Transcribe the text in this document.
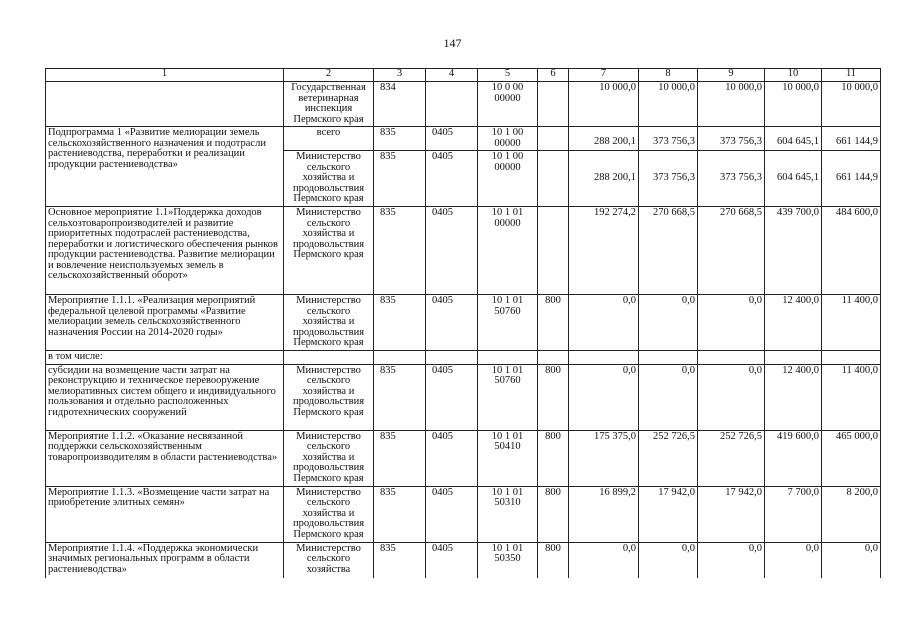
147
1	2	3	4	5	6	7	8	9	10	11
	Государственная ветеринарная инспекция Пермского края	834		10 0 00 00000		10 000,0	10 000,0	10 000,0	10 000,0	10 000,0
Подпрограмма 1 «Развитие мелиорации земель сельскохозяйственного назначения и подотрасли растениеводства, переработки и реализации продукции растениеводства»	всего	835	0405	10 1 00 00000		288 200,1	373 756,3	373 756,3	604 645,1	661 144,9
	Министерство сельского хозяйства и продовольствия Пермского края	835	0405	10 1 00 00000		288 200,1	373 756,3	373 756,3	604 645,1	661 144,9
Основное мероприятие 1.1»Поддержка доходов сельхозтоваропроизводителей и развитие приоритетных подотраслей растениеводства, переработки и логистического обеспечения рынков продукции растениеводства. Развитие мелиорации и вовлечение неиспользуемых земель в сельскохозяйственный оборот»	Министерство сельского хозяйства и продовольствия Пермского края	835	0405	10 1 01 00000		192 274,2	270 668,5	270 668,5	439 700,0	484 600,0
Мероприятие 1.1.1. «Реализация мероприятий федеральной целевой программы «Развитие мелиорации земель сельскохозяйственного назначения России на 2014-2020 годы»	Министерство сельского хозяйства и продовольствия Пермского края	835	0405	10 1 01 50760	800	0,0	0,0	0,0	12 400,0	11 400,0
в том числе:										
субсидии на возмещение части затрат на реконструкцию и техническое перевооружение мелиоративных систем общего и индивидуального пользования и отдельно расположенных гидротехнических сооружений	Министерство сельского хозяйства и продовольствия Пермского края	835	0405	10 1 01 50760	800	0,0	0,0	0,0	12 400,0	11 400,0
Мероприятие 1.1.2. «Оказание несвязанной поддержки сельскохозяйственным товаропроизводителям в области растениеводства»	Министерство сельского хозяйства и продовольствия Пермского края	835	0405	10 1 01 50410	800	175 375,0	252 726,5	252 726,5	419 600,0	465 000,0
Мероприятие 1.1.3. «Возмещение части затрат на приобретение элитных семян»	Министерство сельского хозяйства и продовольствия Пермского края	835	0405	10 1 01 50310	800	16 899,2	17 942,0	17 942,0	7 700,0	8 200,0
Мероприятие 1.1.4. «Поддержка экономически значимых региональных программ в области растениеводства»	Министерство сельского хозяйства	835	0405	10 1 01 50350	800	0,0	0,0	0,0	0,0	0,0
